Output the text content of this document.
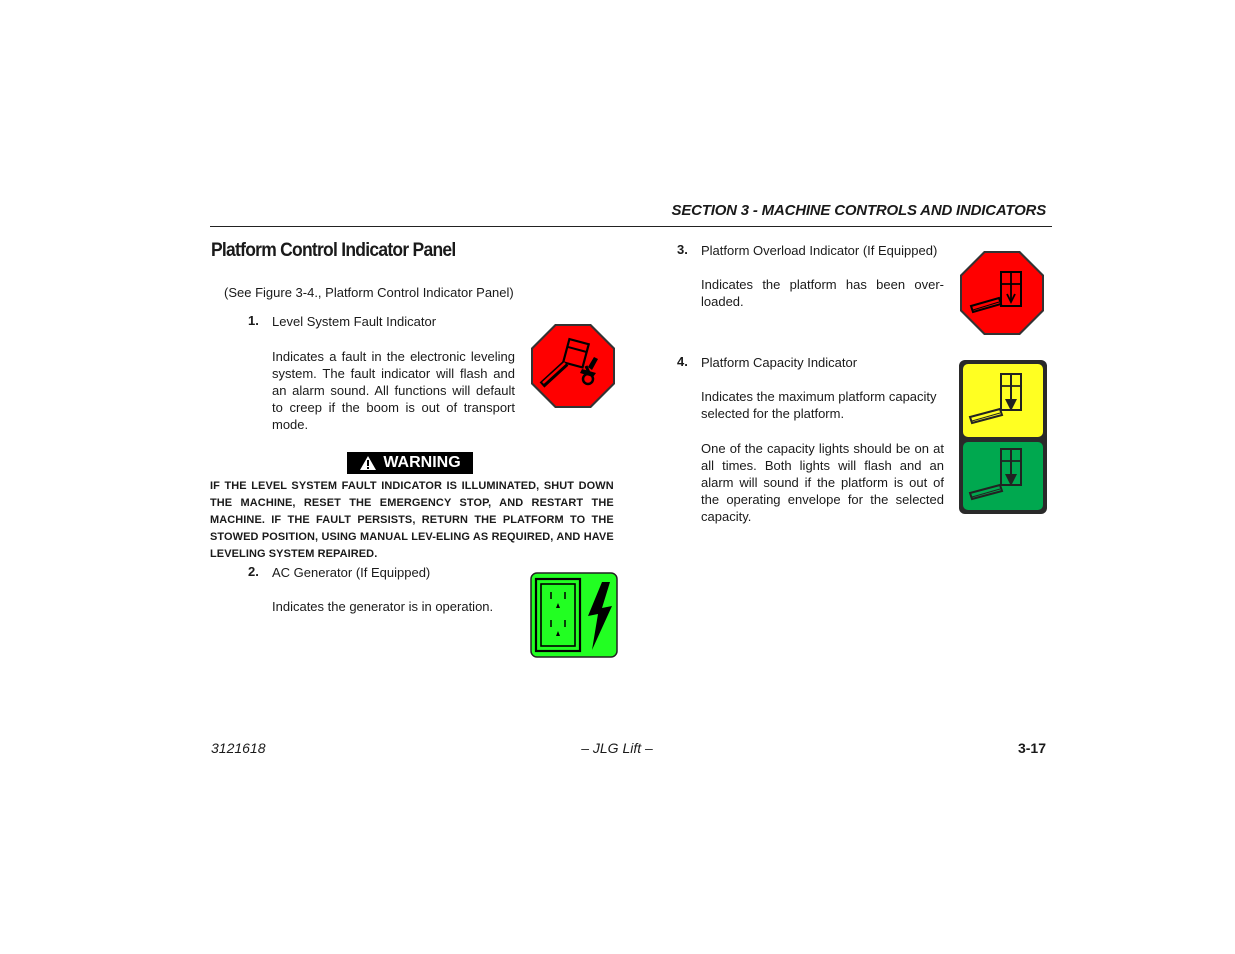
SECTION 3 - MACHINE CONTROLS AND INDICATORS
Platform Control Indicator Panel
(See Figure 3-4., Platform Control Indicator Panel)
1. Level System Fault Indicator
Indicates a fault in the electronic leveling system. The fault indicator will flash and an alarm sound. All functions will default to creep if the boom is out of transport mode.
WARNING
IF THE LEVEL SYSTEM FAULT INDICATOR IS ILLUMINATED, SHUT DOWN THE MACHINE, RESET THE EMERGENCY STOP, AND RESTART THE MACHINE. IF THE FAULT PERSISTS, RETURN THE PLATFORM TO THE STOWED POSITION, USING MANUAL LEV-ELING AS REQUIRED, AND HAVE LEVELING SYSTEM REPAIRED.
2. AC Generator (If Equipped)
Indicates the generator is in operation.
3. Platform Overload Indicator (If Equipped)
Indicates the platform has been over-loaded.
4. Platform Capacity Indicator
Indicates the maximum platform capacity selected for the platform.
One of the capacity lights should be on at all times. Both lights will flash and an alarm will sound if the platform is out of the operating envelope for the selected capacity.
3121618	– JLG Lift –	3-17
